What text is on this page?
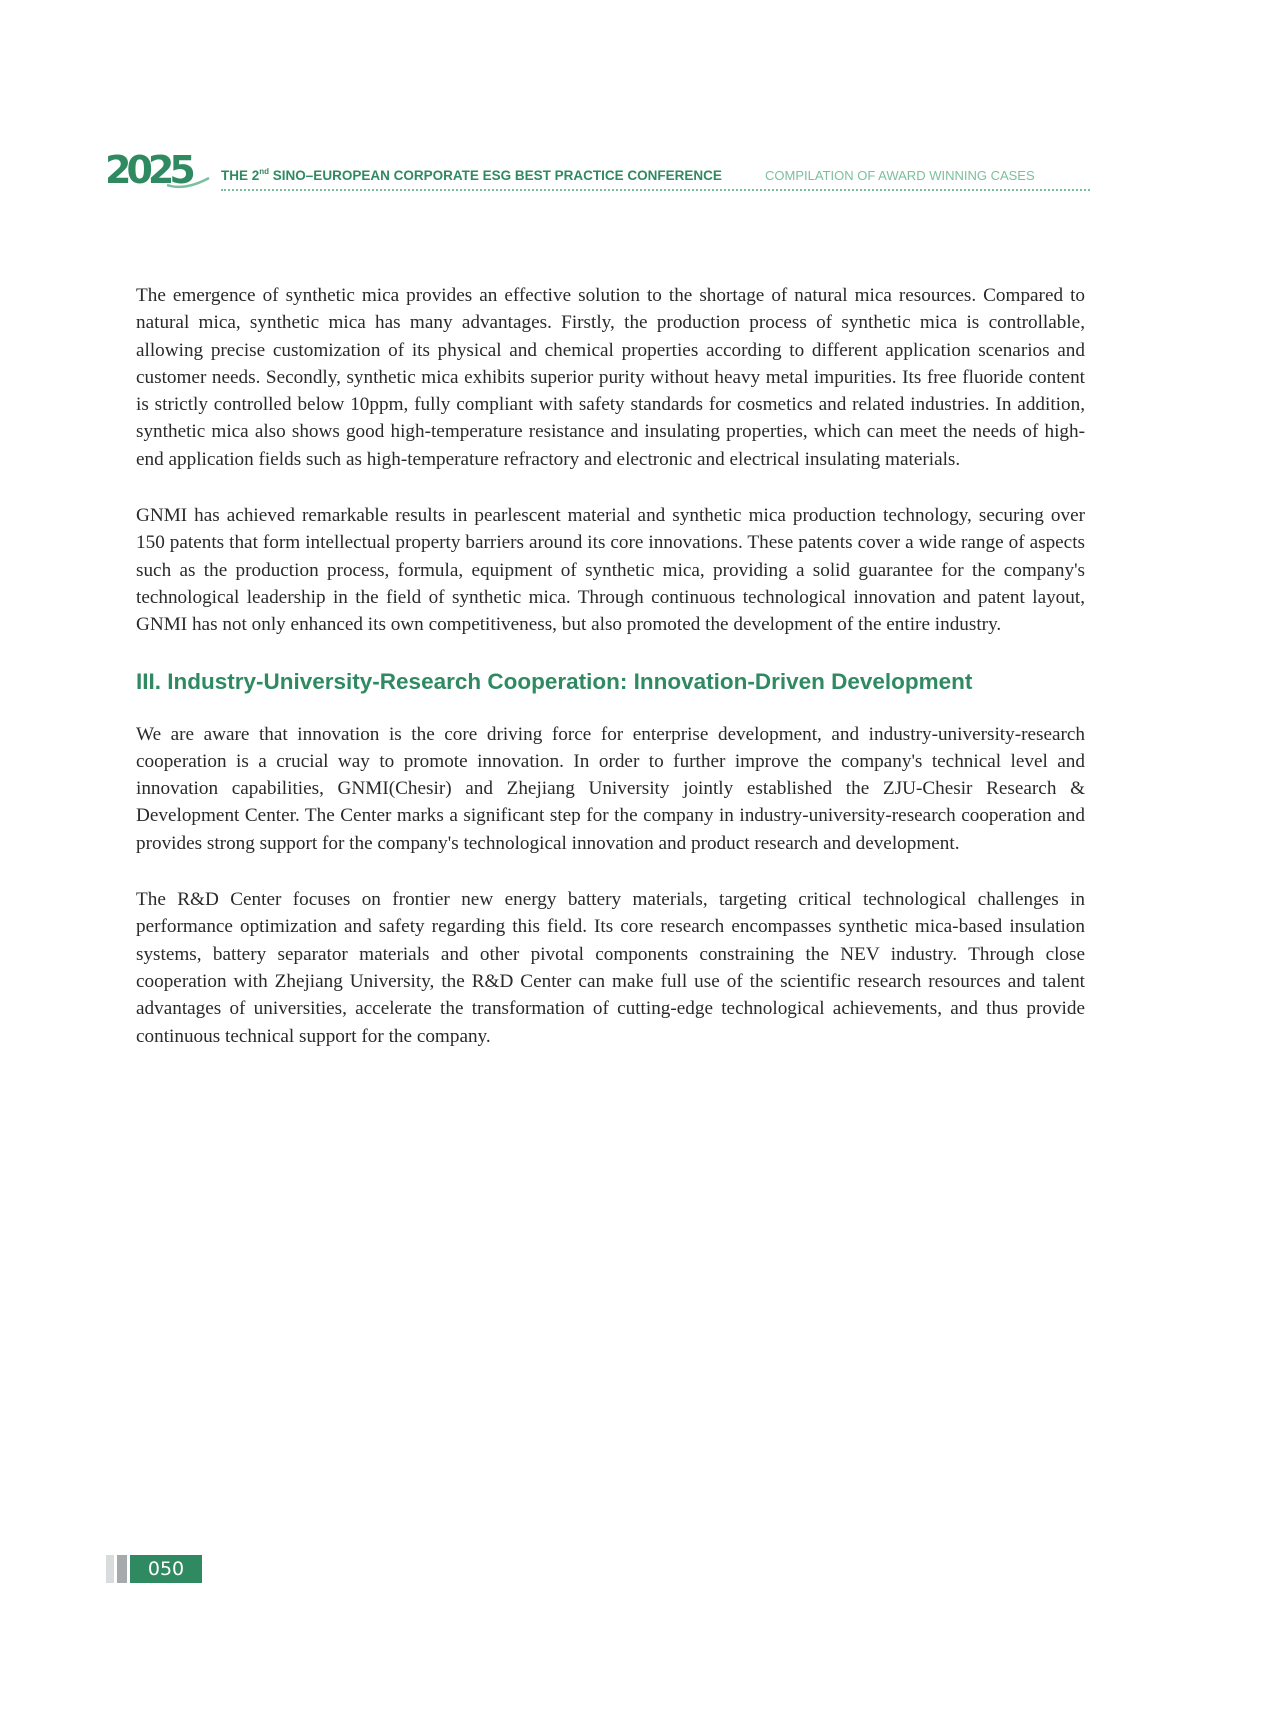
2025 THE 2nd SINO–EUROPEAN CORPORATE ESG BEST PRACTICE CONFERENCE	COMPILATION OF AWARD WINNING CASES

The emergence of synthetic mica provides an effective solution to the shortage of natural mica resources. Compared to natural mica, synthetic mica has many advantages. Firstly, the production process of synthetic mica is controllable, allowing precise customization of its physical and chemical properties according to different application scenarios and customer needs. Secondly, synthetic mica exhibits superior purity without heavy metal impurities. Its free fluoride content is strictly controlled below 10ppm, fully compliant with safety standards for cosmetics and related industries. In addition, synthetic mica also shows good high-temperature resistance and insulating properties, which can meet the needs of high-end application fields such as high-temperature refractory and electronic and electrical insulating materials.

GNMI has achieved remarkable results in pearlescent material and synthetic mica production technology, securing over 150 patents that form intellectual property barriers around its core innovations. These patents cover a wide range of aspects such as the production process, formula, equipment of synthetic mica, providing a solid guarantee for the company's technological leadership in the field of synthetic mica. Through continuous technological innovation and patent layout, GNMI has not only enhanced its own competitiveness, but also promoted the development of the entire industry.

III. Industry-University-Research Cooperation: Innovation-Driven Development

We are aware that innovation is the core driving force for enterprise development, and industry-university-research cooperation is a crucial way to promote innovation. In order to further improve the company's technical level and innovation capabilities, GNMI(Chesir) and Zhejiang University jointly established the ZJU-Chesir Research & Development Center. The Center marks a significant step for the company in industry-university-research cooperation and provides strong support for the company's technological innovation and product research and development.

The R&D Center focuses on frontier new energy battery materials, targeting critical technological challenges in performance optimization and safety regarding this field. Its core research encompasses synthetic mica-based insulation systems, battery separator materials and other pivotal components constraining the NEV industry. Through close cooperation with Zhejiang University, the R&D Center can make full use of the scientific research resources and talent advantages of universities, accelerate the transformation of cutting-edge technological achievements, and thus provide continuous technical support for the company.

050
